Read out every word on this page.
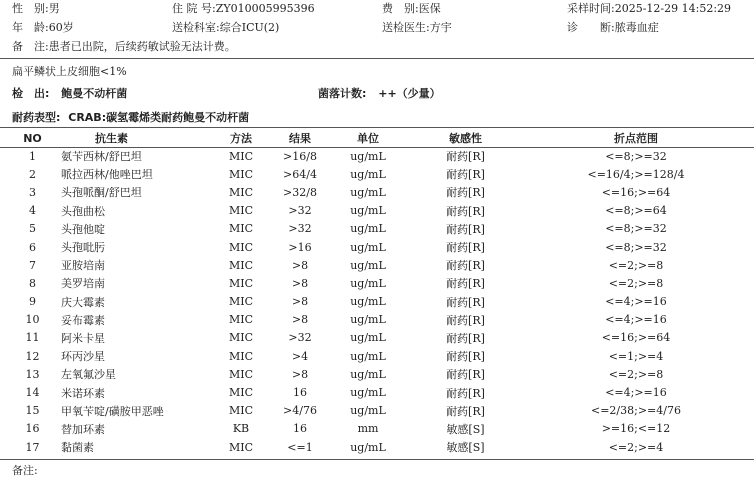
性　别:男	住 院 号:ZY010005995396	费　别:医保	采样时间:2025-12-29 14:52:29
年　龄:60岁	送检科室:综合ICU(2)	送检医生:方宇	诊　　断:脓毒血症
备　注:患者已出院，后续药敏试验无法计费。
扁平鳞状上皮细胞<1%
检　出: 鲍曼不动杆菌	菌落计数: ++（少量）
耐药表型: CRAB:碳氢霉烯类耐药鲍曼不动杆菌
NO	抗生素	方法	结果	单位	敏感性	折点范围
1	氨苄西林/舒巴坦	MIC	>16/8	ug/mL	耐药[R]	<=8;>=32
2	哌拉西林/他唑巴坦	MIC	>64/4	ug/mL	耐药[R]	<=16/4;>=128/4
3	头孢哌酮/舒巴坦	MIC	>32/8	ug/mL	耐药[R]	<=16;>=64
4	头孢曲松	MIC	>32	ug/mL	耐药[R]	<=8;>=64
5	头孢他啶	MIC	>32	ug/mL	耐药[R]	<=8;>=32
6	头孢吡肟	MIC	>16	ug/mL	耐药[R]	<=8;>=32
7	亚胺培南	MIC	>8	ug/mL	耐药[R]	<=2;>=8
8	美罗培南	MIC	>8	ug/mL	耐药[R]	<=2;>=8
9	庆大霉素	MIC	>8	ug/mL	耐药[R]	<=4;>=16
10	妥布霉素	MIC	>8	ug/mL	耐药[R]	<=4;>=16
11	阿米卡星	MIC	>32	ug/mL	耐药[R]	<=16;>=64
12	环丙沙星	MIC	>4	ug/mL	耐药[R]	<=1;>=4
13	左氧氟沙星	MIC	>8	ug/mL	耐药[R]	<=2;>=8
14	米诺环素	MIC	16	ug/mL	耐药[R]	<=4;>=16
15	甲氧苄啶/磺胺甲恶唑	MIC	>4/76	ug/mL	耐药[R]	<=2/38;>=4/76
16	替加环素	KB	16	mm	敏感[S]	>=16;<=12
17	黏菌素	MIC	<=1	ug/mL	敏感[S]	<=2;>=4
备注:
